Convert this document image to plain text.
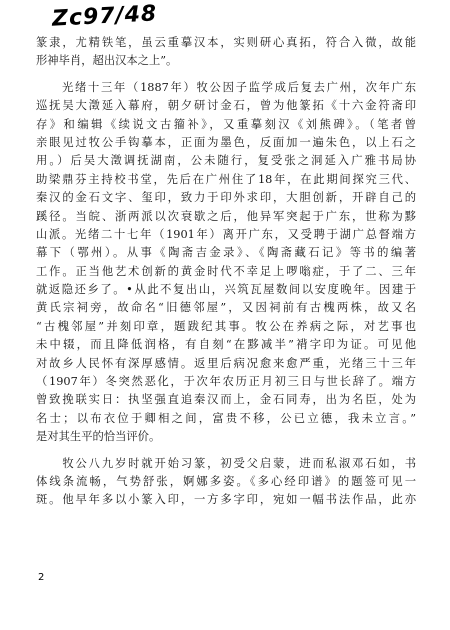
Zc97/48
篆隶，尤精铁笔，虽云重摹汉本，实则研心真拓，符合入微，故能
形神毕肖，超出汉本之上”。
　　光绪十三年（1887年）牧公因子监学成后复去广州，次年广东
巡抚吴大澂延入幕府，朝夕研讨金石，曾为他篆拓《十六金符斋印
存》和编辑《续说文古籀补》，又重摹刻汉《刘熊碑》。（笔者曾
亲眼见过牧公手钩摹本，正面为墨色，反面加一遍朱色，以上石之
用。）后吴大澂调抚湖南，公未随行，复受张之洞延入广雅书局协
助梁鼎芬主持校书堂，先后在广州住了18年，在此期间探究三代、
秦汉的金石文字、玺印，致力于印外求印，大胆创新，开辟自己的
蹊径。当皖、浙两派以次衰歇之后，他异军突起于广东，世称为黟
山派。光绪二十七年（1901年）离开广东，又受聘于湖广总督端方
幕下（鄂州）。从事《陶斋吉金录》、《陶斋藏石记》等书的编著
工作。正当他艺术创新的黄金时代不幸足上啰嗡症，于了二、三年
就返隐还乡了。•从此不复出山，兴筑瓦屋数间以安度晚年。因建于
黄氏宗祠旁，故命名“旧德邻屋”，又因祠前有古槐两株，故又名
“古槐邻屋”并刻印章，题跋纪其事。牧公在养病之际，对艺事也
未中辍，而且降低润格，有自刻“在黟减半”褙字印为证。可见他
对故乡人民怀有深厚感情。返里后病况愈来愈严重，光绪三十三年
（1907年）冬突然恶化，于次年农历正月初三日与世长辞了。端方
曾致挽联实日：执坚强直追秦汉而上，金石同寿，出为名臣，处为
名士；以布衣位于卿相之间，富贵不移，公已立德，我未立言。”
是对其生平的恰当评价。
　　牧公八九岁时就开始习篆，初受父启蒙，进而私淑邓石如，书
体线条流畅，气势舒张，婀娜多姿。《多心经印谱》的题签可见一
斑。他早年多以小篆入印，一方多字印，宛如一幅书法作品，此亦
2
